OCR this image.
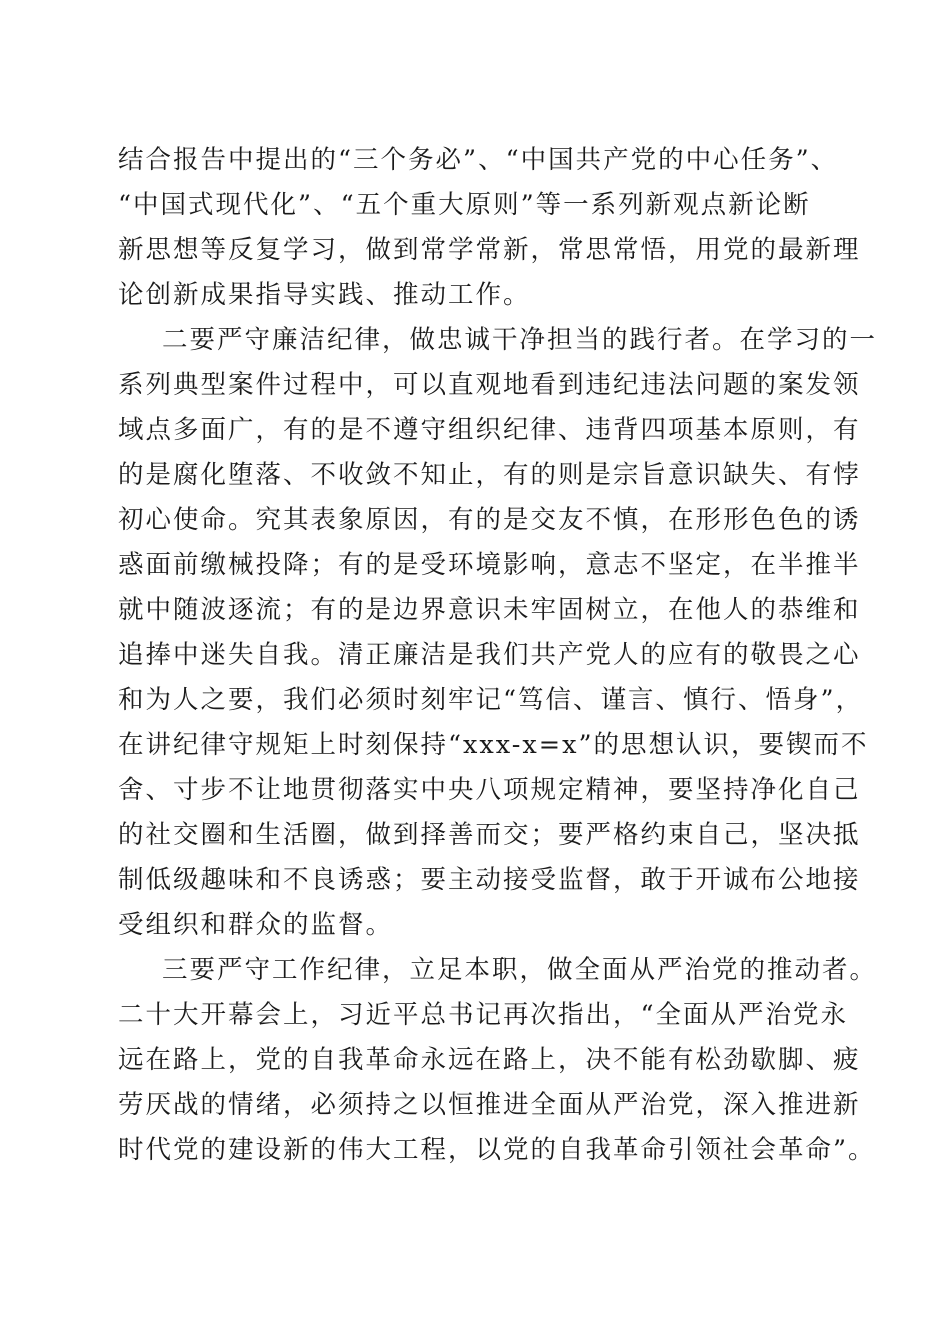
结合报告中提出的“三个务必”、“中国共产党的中心任务”、
“中国式现代化”、“五个重大原则”等一系列新观点新论断
新思想等反复学习，做到常学常新，常思常悟，用党的最新理
论创新成果指导实践、推动工作。
二要严守廉洁纪律，做忠诚干净担当的践行者。在学习的一
系列典型案件过程中，可以直观地看到违纪违法问题的案发领
域点多面广，有的是不遵守组织纪律、违背四项基本原则，有
的是腐化堕落、不收敛不知止，有的则是宗旨意识缺失、有悖
初心使命。究其表象原因，有的是交友不慎，在形形色色的诱
惑面前缴械投降；有的是受环境影响，意志不坚定，在半推半
就中随波逐流；有的是边界意识未牢固树立，在他人的恭维和
追捧中迷失自我。清正廉洁是我们共产党人的应有的敬畏之心
和为人之要，我们必须时刻牢记“笃信、谨言、慎行、悟身”，
在讲纪律守规矩上时刻保持“xxx-x=x”的思想认识，要锲而不
舍、寸步不让地贯彻落实中央八项规定精神，要坚持净化自己
的社交圈和生活圈，做到择善而交；要严格约束自己，坚决抵
制低级趣味和不良诱惑；要主动接受监督，敢于开诚布公地接
受组织和群众的监督。
三要严守工作纪律，立足本职，做全面从严治党的推动者。
二十大开幕会上，习近平总书记再次指出，“全面从严治党永
远在路上，党的自我革命永远在路上，决不能有松劲歇脚、疲
劳厌战的情绪，必须持之以恒推进全面从严治党，深入推进新
时代党的建设新的伟大工程，以党的自我革命引领社会革命”。
